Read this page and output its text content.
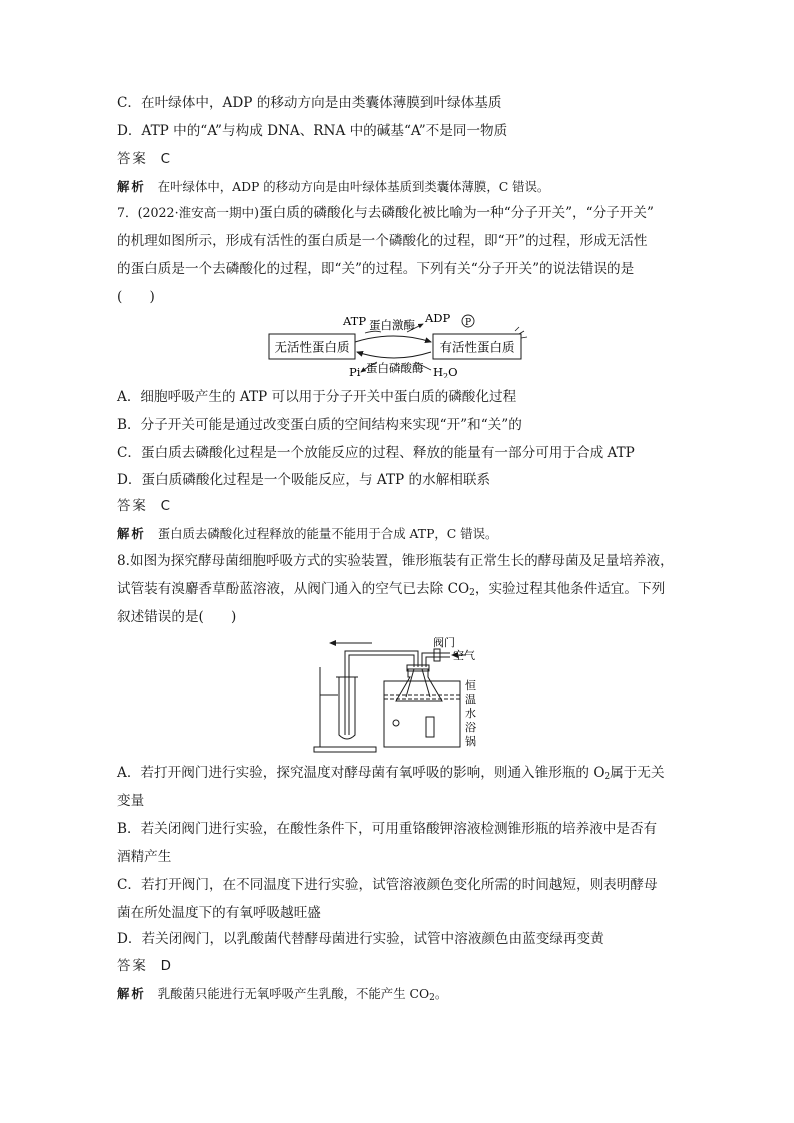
C．在叶绿体中，ADP 的移动方向是由类囊体薄膜到叶绿体基质
D．ATP 中的“A”与构成 DNA、RNA 中的碱基“A”不是同一物质
答案 C
解析 在叶绿体中，ADP 的移动方向是由叶绿体基质到类囊体薄膜，C 错误。
7．(2022·淮安高一期中)蛋白质的磷酸化与去磷酸化被比喻为一种“分子开关”，“分子开关”
的机理如图所示，形成有活性的蛋白质是一个磷酸化的过程，即“开”的过程，形成无活性
的蛋白质是一个去磷酸化的过程，即“关”的过程。下列有关“分子开关”的说法错误的是
(　　)
无活性蛋白质	有活性蛋白质
ATP 蛋白激酶 ADP P
Pi 蛋白磷酸酶 $H_2O$
A．细胞呼吸产生的 ATP 可以用于分子开关中蛋白质的磷酸化过程
B．分子开关可能是通过改变蛋白质的空间结构来实现“开”和“关”的
C．蛋白质去磷酸化过程是一个放能反应的过程、释放的能量有一部分可用于合成 ATP
D．蛋白质磷酸化过程是一个吸能反应，与 ATP 的水解相联系
答案 C
解析 蛋白质去磷酸化过程释放的能量不能用于合成 ATP，C 错误。
8.如图为探究酵母菌细胞呼吸方式的实验装置，锥形瓶装有正常生长的酵母菌及足量培养液，
试管装有溴麝香草酚蓝溶液，从阀门通入的空气已去除 $CO_2$，实验过程其他条件适宜。下列
叙述错误的是(　　)
阀门
空气
恒
温
水
浴
锅
A．若打开阀门进行实验，探究温度对酵母菌有氧呼吸的影响，则通入锥形瓶的 $O_2$属于无关
变量
B．若关闭阀门进行实验，在酸性条件下，可用重铬酸钾溶液检测锥形瓶的培养液中是否有
酒精产生
C．若打开阀门，在不同温度下进行实验，试管溶液颜色变化所需的时间越短，则表明酵母
菌在所处温度下的有氧呼吸越旺盛
D．若关闭阀门，以乳酸菌代替酵母菌进行实验，试管中溶液颜色由蓝变绿再变黄
答案 D
解析 乳酸菌只能进行无氧呼吸产生乳酸，不能产生 $CO_2$。
